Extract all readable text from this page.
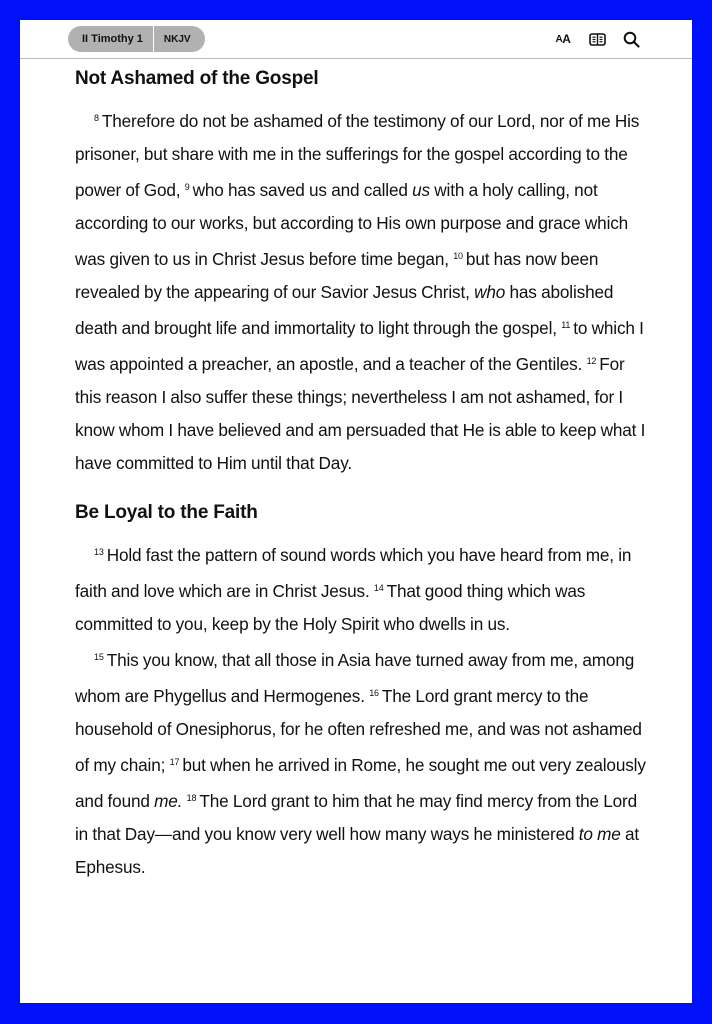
II Timothy 1	NKJV	A A
Not Ashamed of the Gospel

$^8$ Therefore do not be ashamed of the testimony of our Lord, nor of me His prisoner, but share with me in the sufferings for the gospel according to the power of God, $^9$ who has saved us and called us with a holy calling, not according to our works, but according to His own purpose and grace which was given to us in Christ Jesus before time began, $^{10}$ but has now been revealed by the appearing of our Savior Jesus Christ, who has abolished death and brought life and immortality to light through the gospel, $^{11}$ to which I was appointed a preacher, an apostle, and a teacher of the Gentiles. $^{12}$ For this reason I also suffer these things; nevertheless I am not ashamed, for I know whom I have believed and am persuaded that He is able to keep what I have committed to Him until that Day.

Be Loyal to the Faith

$^{13}$ Hold fast the pattern of sound words which you have heard from me, in faith and love which are in Christ Jesus. $^{14}$ That good thing which was committed to you, keep by the Holy Spirit who dwells in us.

$^{15}$ This you know, that all those in Asia have turned away from me, among whom are Phygellus and Hermogenes. $^{16}$ The Lord grant mercy to the household of Onesiphorus, for he often refreshed me, and was not ashamed of my chain; $^{17}$ but when he arrived in Rome, he sought me out very zealously and found me. $^{18}$ The Lord grant to him that he may find mercy from the Lord in that Day—and you know very well how many ways he ministered to me at Ephesus.
